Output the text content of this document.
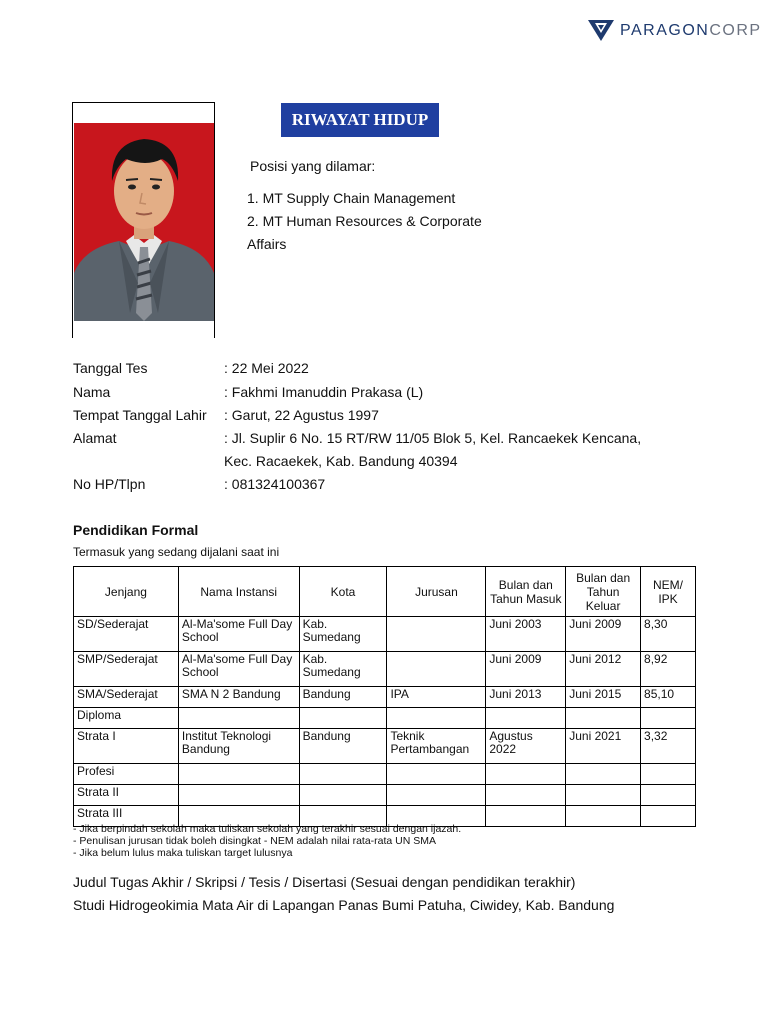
PARAGONCORP
RIWAYAT HIDUP
Posisi yang dilamar:
1. MT Supply Chain Management
2. MT Human Resources & Corporate
Affairs
Tanggal Tes	: 22 Mei 2022
Nama	: Fakhmi Imanuddin Prakasa (L)
Tempat Tanggal Lahir : Garut, 22 Agustus 1997
Alamat	: Jl. Suplir 6 No. 15 RT/RW 11/05 Blok 5, Kel. Rancaekek Kencana,
Kec. Racaekek, Kab. Bandung 40394
No HP/Tlpn	: 081324100367
Pendidikan Formal
Termasuk yang sedang dijalani saat ini
Jenjang	Nama Instansi	Kota	Jurusan	Bulan dan Tahun Masuk	Bulan dan Tahun Keluar	NEM/ IPK
SD/Sederajat	Al-Ma'some Full Day School	Kab. Sumedang		Juni 2003	Juni 2009	8,30
SMP/Sederajat	Al-Ma'some Full Day School	Kab. Sumedang		Juni 2009	Juni 2012	8,92
SMA/Sederajat	SMA N 2 Bandung	Bandung	IPA	Juni 2013	Juni 2015	85,10
Diploma						
Strata I	Institut Teknologi Bandung	Bandung	Teknik Pertambangan	Agustus 2022	Juni 2021	3,32
Profesi						
Strata II						
Strata III						
- Jika berpindah sekolah maka tuliskan sekolah yang terakhir sesuai dengan ijazah.
- Penulisan jurusan tidak boleh disingkat - NEM adalah nilai rata-rata UN SMA
- Jika belum lulus maka tuliskan target lulusnya
Judul Tugas Akhir / Skripsi / Tesis / Disertasi (Sesuai dengan pendidikan terakhir)
Studi Hidrogeokimia Mata Air di Lapangan Panas Bumi Patuha, Ciwidey, Kab. Bandung
